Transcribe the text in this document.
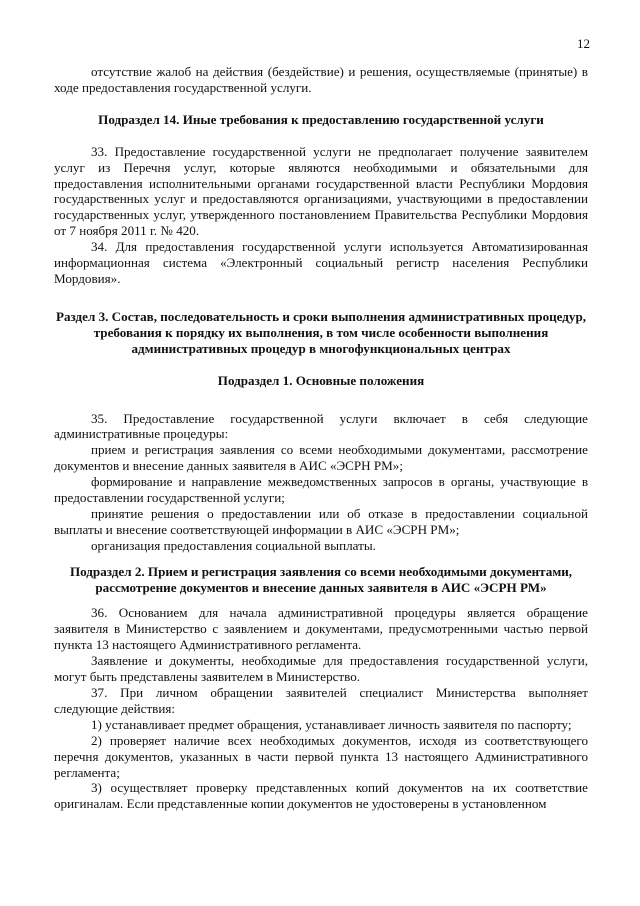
12

отсутствие жалоб на действия (бездействие) и решения, осуществляемые (принятые) в ходе предоставления государственной услуги.

Подраздел 14. Иные требования к предоставлению государственной услуги

33. Предоставление государственной услуги не предполагает получение заявителем услуг из Перечня услуг, которые являются необходимыми и обязательными для предоставления исполнительными органами государственной власти Республики Мордовия государственных услуг и предоставляются организациями, участвующими в предоставлении государственных услуг, утвержденного постановлением Правительства Республики Мордовия от 7 ноября 2011 г. № 420.

34. Для предоставления государственной услуги используется Автоматизированная информационная система «Электронный социальный регистр населения Республики Мордовия».

Раздел 3. Состав, последовательность и сроки выполнения административных процедур, требования к порядку их выполнения, в том числе особенности выполнения административных процедур в многофункциональных центрах

Подраздел 1. Основные положения

35. Предоставление государственной услуги включает в себя следующие административные процедуры:

прием и регистрация заявления со всеми необходимыми документами, рассмотрение документов и внесение данных заявителя в АИС «ЭСРН РМ»;

формирование и направление межведомственных запросов в органы, участвующие в предоставлении государственной услуги;

принятие решения о предоставлении или об отказе в предоставлении социальной выплаты и внесение соответствующей информации в АИС «ЭСРН РМ»;

организация предоставления социальной выплаты.

Подраздел 2. Прием и регистрация заявления со всеми необходимыми документами, рассмотрение документов и внесение данных заявителя в АИС «ЭСРН РМ»

36. Основанием для начала административной процедуры является обращение заявителя в Министерство с заявлением и документами, предусмотренными частью первой пункта 13 настоящего Административного регламента.

Заявление и документы, необходимые для предоставления государственной услуги, могут быть представлены заявителем в Министерство.

37. При личном обращении заявителей специалист Министерства выполняет следующие действия:

1) устанавливает предмет обращения, устанавливает личность заявителя по паспорту;

2) проверяет наличие всех необходимых документов, исходя из соответствующего перечня документов, указанных в части первой пункта 13 настоящего Административного регламента;

3) осуществляет проверку представленных копий документов на их соответствие оригиналам. Если представленные копии документов не удостоверены в установленном
